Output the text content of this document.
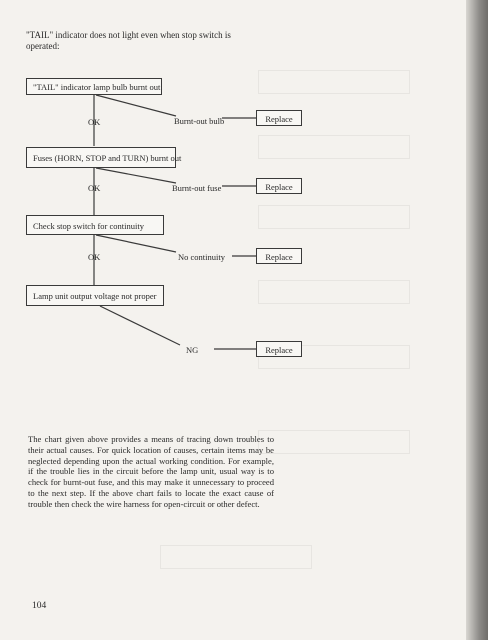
"TAIL" indicator does not light even when stop switch is operated:
"TAIL" indicator lamp bulb burnt out
OK	Burnt-out bulb	Replace
Fuses (HORN, STOP and TURN) burnt out
OK	Burnt-out fuse	Replace
Check stop switch for continuity
OK	No continuity	Replace
Lamp unit output voltage not proper
NG	Replace
The chart given above provides a means of tracing down troubles to their actual causes. For quick location of causes, certain items may be neglected depending upon the actual working condition. For example, if the trouble lies in the circuit before the lamp unit, usual way is to check for burnt-out fuse, and this may make it unnecessary to proceed to the next step. If the above chart fails to locate the exact cause of trouble then check the wire harness for open-circuit or other defect.
104
